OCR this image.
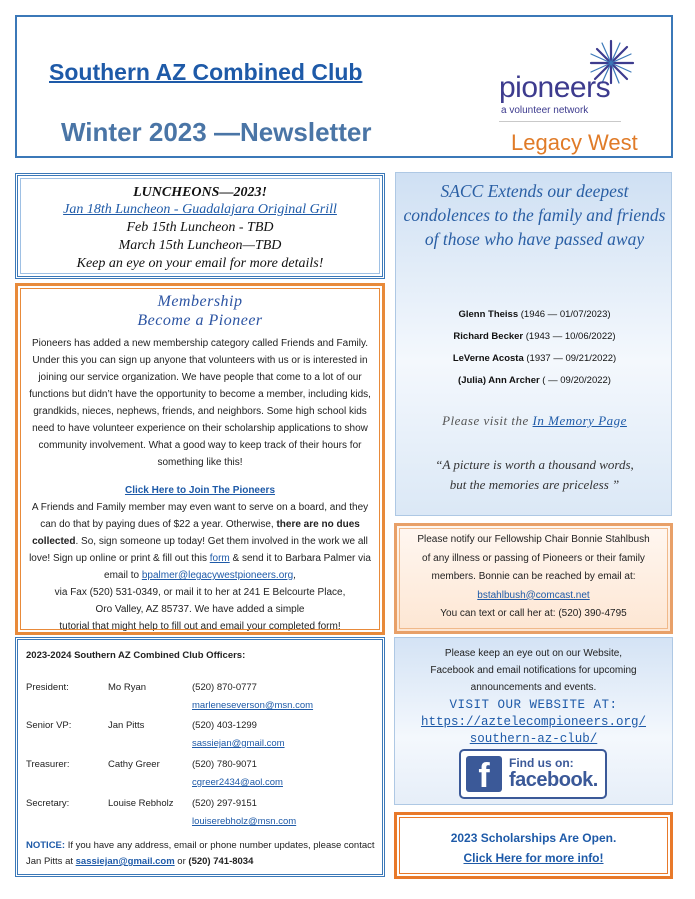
Southern AZ Combined Club
Winter 2023 —Newsletter
pioneers
a volunteer network
Legacy West
LUNCHEONS—2023!
Jan 18th Luncheon - Guadalajara Original Grill
Feb 15th Luncheon - TBD
March 15th Luncheon—TBD
Keep an eye on your email for more details!
Membership
Become a Pioneer
Pioneers has added a new membership category called Friends and Family. Under this you can sign up anyone that volunteers with us or is interested in joining our service organization. We have people that come to a lot of our functions but didn’t have the opportunity to become a member, including kids, grandkids, nieces, nephews, friends, and neighbors. Some high school kids need to have volunteer experience on their scholarship applications to show community involvement. What a good way to keep track of their hours for something like this!
Click Here to Join The Pioneers
A Friends and Family member may even want to serve on a board, and they can do that by paying dues of $22 a year. Otherwise, there are no dues collected. So, sign someone up today! Get them involved in the work we all love! Sign up online or print & fill out this form & send it to Barbara Palmer via email to bpalmer@legacywestpioneers.org,
via Fax (520) 531-0349, or mail it to her at 241 E Belcourte Place,
Oro Valley, AZ 85737. We have added a simple
tutorial that might help to fill out and email your completed form!
2023-2024 Southern AZ Combined Club Officers:
President:	Mo Ryan	(520) 870-0777
marleneseverson@msn.com
Senior VP:	Jan Pitts	(520) 403-1299
sassiejan@gmail.com
Treasurer:	Cathy Greer	(520) 780-9071
cgreer2434@aol.com
Secretary:	Louise Rebholz (520) 297-9151
louiserebholz@msn.com
NOTICE: If you have any address, email or phone number updates, please contact Jan Pitts at sassiejan@gmail.com or (520) 741-8034
SACC Extends our deepest condolences to the family and friends of those who have passed away
Glenn Theiss (1946 — 01/07/2023)
Richard Becker (1943 — 10/06/2022)
LeVerne Acosta (1937 — 09/21/2022)
(Julia) Ann Archer ( — 09/20/2022)
Please visit the In Memory Page
“A picture is worth a thousand words,
but the memories are priceless ”
Please notify our Fellowship Chair Bonnie Stahlbush
of any illness or passing of Pioneers or their family
members. Bonnie can be reached by email at:
bstahlbush@comcast.net
You can text or call her at: (520) 390-4795
Please keep an eye out on our Website,
Facebook and email notifications for upcoming
announcements and events.
VISIT OUR WEBSITE AT:
https://aztelecompioneers.org/
southern-az-club/
f	Find us on:
facebook.
2023 Scholarships Are Open.
Click Here for more info!
